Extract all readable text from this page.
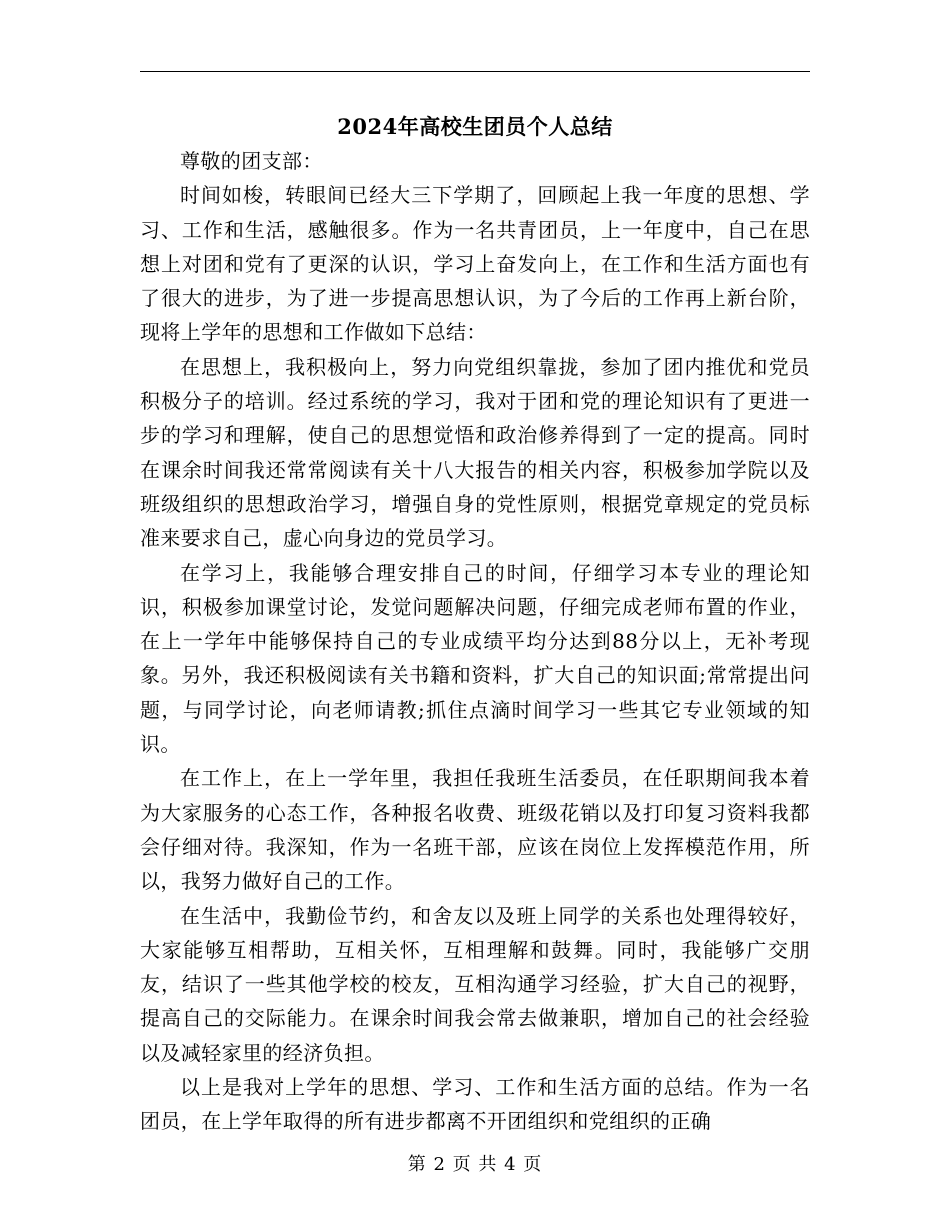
2024年高校生团员个人总结

尊敬的团支部：

时间如梭，转眼间已经大三下学期了，回顾起上我一年度的思想、学习、工作和生活，感触很多。作为一名共青团员，上一年度中，自己在思想上对团和党有了更深的认识，学习上奋发向上，在工作和生活方面也有了很大的进步，为了进一步提高思想认识，为了今后的工作再上新台阶，现将上学年的思想和工作做如下总结：

在思想上，我积极向上，努力向党组织靠拢，参加了团内推优和党员积极分子的培训。经过系统的学习，我对于团和党的理论知识有了更进一步的学习和理解，使自己的思想觉悟和政治修养得到了一定的提高。同时在课余时间我还常常阅读有关十八大报告的相关内容，积极参加学院以及班级组织的思想政治学习，增强自身的党性原则，根据党章规定的党员标准来要求自己，虚心向身边的党员学习。

在学习上，我能够合理安排自己的时间，仔细学习本专业的理论知识，积极参加课堂讨论，发觉问题解决问题，仔细完成老师布置的作业，在上一学年中能够保持自己的专业成绩平均分达到88分以上，无补考现象。另外，我还积极阅读有关书籍和资料，扩大自己的知识面;常常提出问题，与同学讨论，向老师请教;抓住点滴时间学习一些其它专业领域的知识。

在工作上，在上一学年里，我担任我班生活委员，在任职期间我本着为大家服务的心态工作，各种报名收费、班级花销以及打印复习资料我都会仔细对待。我深知，作为一名班干部，应该在岗位上发挥模范作用，所以，我努力做好自己的工作。

在生活中，我勤俭节约，和舍友以及班上同学的关系也处理得较好，大家能够互相帮助，互相关怀，互相理解和鼓舞。同时，我能够广交朋友，结识了一些其他学校的校友，互相沟通学习经验，扩大自己的视野，提高自己的交际能力。在课余时间我会常去做兼职，增加自己的社会经验以及减轻家里的经济负担。

以上是我对上学年的思想、学习、工作和生活方面的总结。作为一名团员，在上学年取得的所有进步都离不开团组织和党组织的正确

第 2 页 共 4 页
